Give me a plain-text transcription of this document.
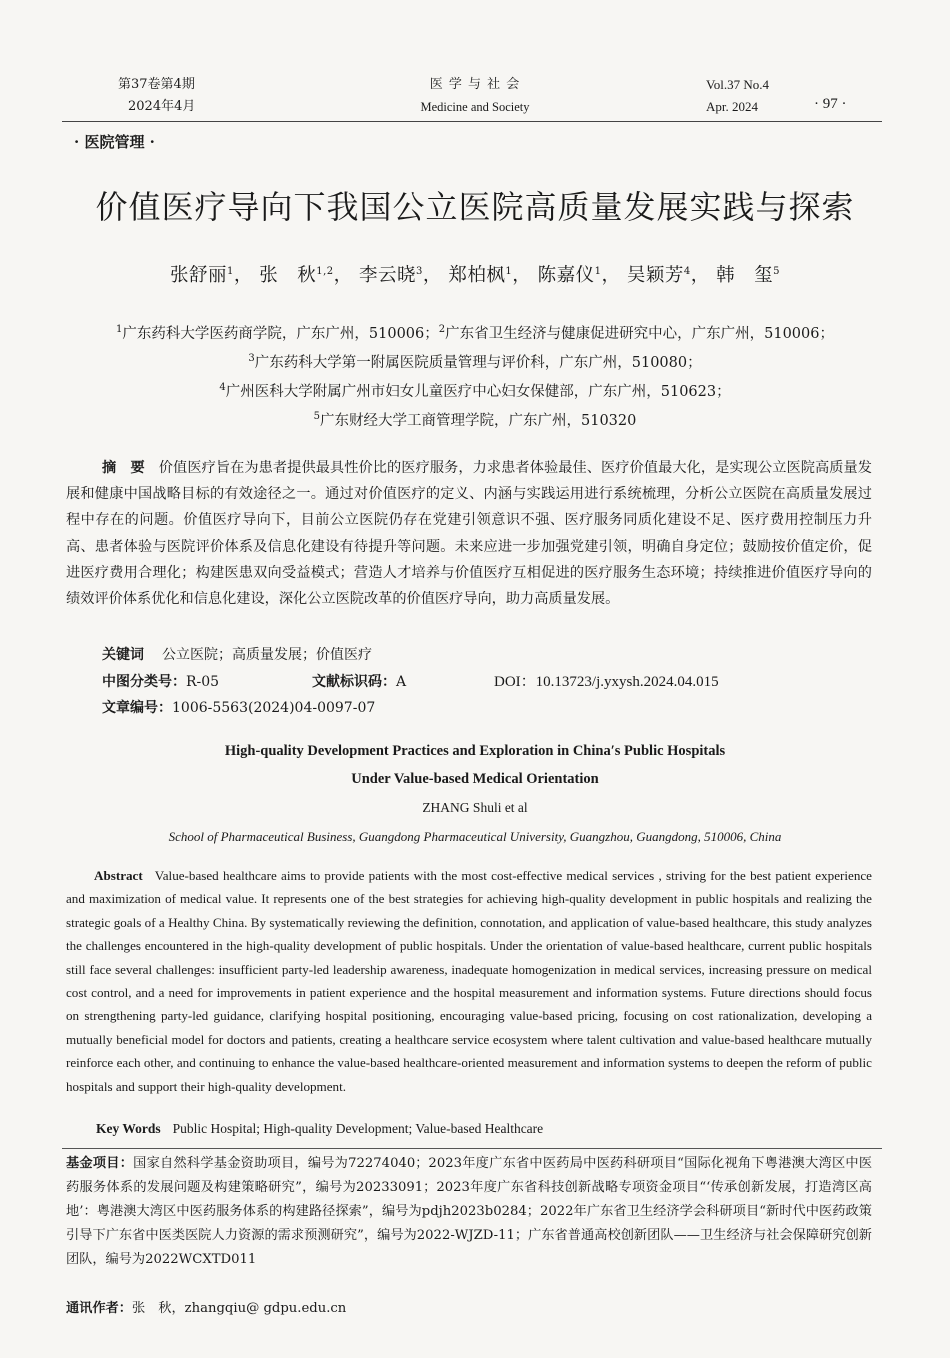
第37卷第4期
2024年4月
医 学 与 社 会
Medicine and Society
Vol.37 No.4
Apr. 2024	· 97 ·
· 医院管理 ·
价值医疗导向下我国公立医院高质量发展实践与探索
张舒丽$^1$， 张　秋$^{1,2}$， 李云晓$^3$， 郑柏枫$^1$， 陈嘉仪$^1$， 吴颖芳$^4$， 韩　玺$^5$
$^1$广东药科大学医药商学院，广东广州，510006；$^2$广东省卫生经济与健康促进研究中心，广东广州，510006；
$^3$广东药科大学第一附属医院质量管理与评价科，广东广州，510080；
$^4$广州医科大学附属广州市妇女儿童医疗中心妇女保健部，广东广州，510623；
$^5$广东财经大学工商管理学院，广东广州，510320
摘　要 价值医疗旨在为患者提供最具性价比的医疗服务，力求患者体验最佳、医疗价值最大化，是实现公立医院高质量发展和健康中国战略目标的有效途径之一。通过对价值医疗的定义、内涵与实践运用进行系统梳理，分析公立医院在高质量发展过程中存在的问题。价值医疗导向下，目前公立医院仍存在党建引领意识不强、医疗服务同质化建设不足、医疗费用控制压力升高、患者体验与医院评价体系及信息化建设有待提升等问题。未来应进一步加强党建引领，明确自身定位；鼓励按价值定价，促进医疗费用合理化；构建医患双向受益模式；营造人才培养与价值医疗互相促进的医疗服务生态环境；持续推进价值医疗导向的绩效评价体系优化和信息化建设，深化公立医院改革的价值医疗导向，助力高质量发展。
关键词 公立医院；高质量发展；价值医疗
中图分类号：R-05	文献标识码：A	DOI：10.13723/j.yxysh.2024.04.015
文章编号：1006-5563(2024)04-0097-07
High-quality Development Practices and Exploration in China′s Public Hospitals
Under Value-based Medical Orientation
ZHANG Shuli et al
School of Pharmaceutical Business, Guangdong Pharmaceutical University, Guangzhou, Guangdong, 510006, China
Abstract Value-based healthcare aims to provide patients with the most cost-effective medical services , striving for the best patient experience and maximization of medical value. It represents one of the best strategies for achieving high-quality development in public hospitals and realizing the strategic goals of a Healthy China. By systematically reviewing the definition, connotation, and application of value-based healthcare, this study analyzes the challenges encountered in the high-quality development of public hospitals. Under the orientation of value-based healthcare, current public hospitals still face several challenges: insufficient party-led leadership awareness, inadequate homogenization in medical services, increasing pressure on medical cost control, and a need for improvements in patient experience and the hospital measurement and information systems. Future directions should focus on strengthening party-led guidance, clarifying hospital positioning, encouraging value-based pricing, focusing on cost rationalization, developing a mutually beneficial model for doctors and patients, creating a healthcare service ecosystem where talent cultivation and value-based healthcare mutually reinforce each other, and continuing to enhance the value-based healthcare-oriented measurement and information systems to deepen the reform of public hospitals and support their high-quality development.
Key Words Public Hospital; High-quality Development; Value-based Healthcare
基金项目：国家自然科学基金资助项目，编号为72274040；2023年度广东省中医药局中医药科研项目“国际化视角下粤港澳大湾区中医药服务体系的发展问题及构建策略研究”，编号为20233091；2023年度广东省科技创新战略专项资金项目“‘传承创新发展，打造湾区高地’：粤港澳大湾区中医药服务体系的构建路径探索”，编号为pdjh2023b0284；2022年广东省卫生经济学会科研项目“新时代中医药政策引导下广东省中医类医院人力资源的需求预测研究”，编号为2022-WJZD-11；广东省普通高校创新团队——卫生经济与社会保障研究创新团队，编号为2022WCXTD011
通讯作者：张　秋，zhangqiu@ gdpu.edu.cn
